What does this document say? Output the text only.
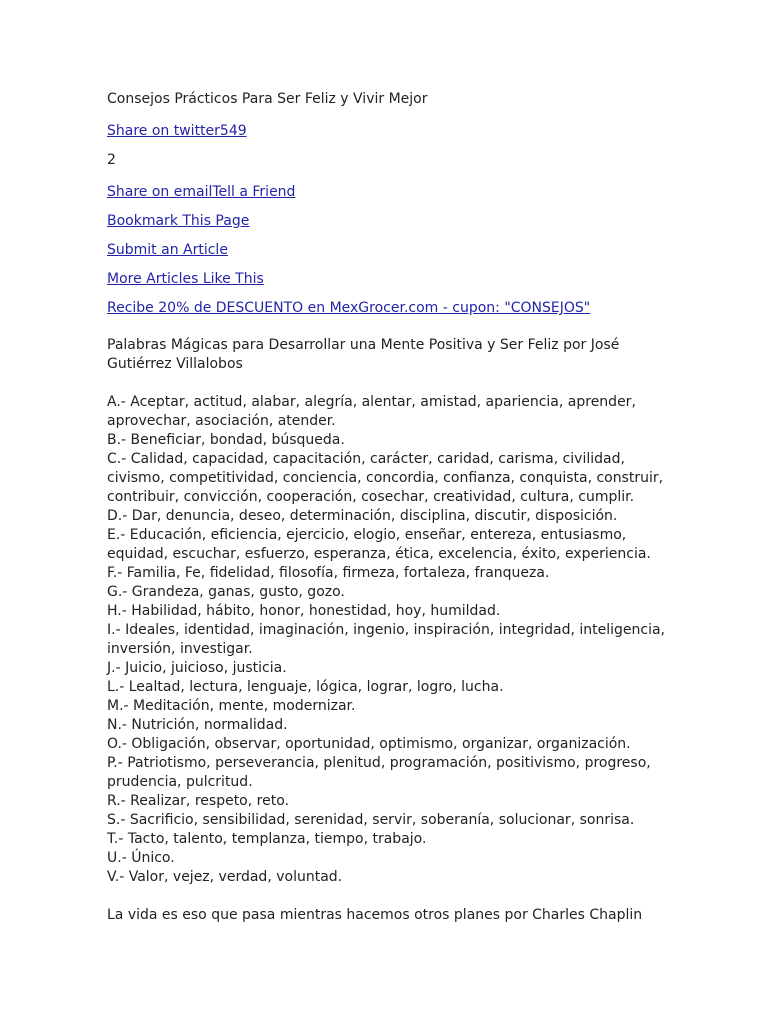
Consejos Prácticos Para Ser Feliz y Vivir Mejor
Share on twitter549
2
Share on emailTell a Friend
Bookmark This Page
Submit an Article
More Articles Like This
Recibe 20% de DESCUENTO en MexGrocer.com - cupon: "CONSEJOS"
Palabras Mágicas para Desarrollar una Mente Positiva y Ser Feliz por José
Gutiérrez Villalobos
A.- Aceptar, actitud, alabar, alegría, alentar, amistad, apariencia, aprender,
aprovechar, asociación, atender.
B.- Beneficiar, bondad, búsqueda.
C.- Calidad, capacidad, capacitación, carácter, caridad, carisma, civilidad,
civismo, competitividad, conciencia, concordia, confianza, conquista, construir,
contribuir, convicción, cooperación, cosechar, creatividad, cultura, cumplir.
D.- Dar, denuncia, deseo, determinación, disciplina, discutir, disposición.
E.- Educación, eficiencia, ejercicio, elogio, enseñar, entereza, entusiasmo,
equidad, escuchar, esfuerzo, esperanza, ética, excelencia, éxito, experiencia.
F.- Familia, Fe, fidelidad, filosofía, firmeza, fortaleza, franqueza.
G.- Grandeza, ganas, gusto, gozo.
H.- Habilidad, hábito, honor, honestidad, hoy, humildad.
I.- Ideales, identidad, imaginación, ingenio, inspiración, integridad, inteligencia,
inversión, investigar.
J.- Juicio, juicioso, justicia.
L.- Lealtad, lectura, lenguaje, lógica, lograr, logro, lucha.
M.- Meditación, mente, modernizar.
N.- Nutrición, normalidad.
O.- Obligación, observar, oportunidad, optimismo, organizar, organización.
P.- Patriotismo, perseverancia, plenitud, programación, positivismo, progreso,
prudencia, pulcritud.
R.- Realizar, respeto, reto.
S.- Sacrificio, sensibilidad, serenidad, servir, soberanía, solucionar, sonrisa.
T.- Tacto, talento, templanza, tiempo, trabajo.
U.- Único.
V.- Valor, vejez, verdad, voluntad.
La vida es eso que pasa mientras hacemos otros planes por Charles Chaplin
